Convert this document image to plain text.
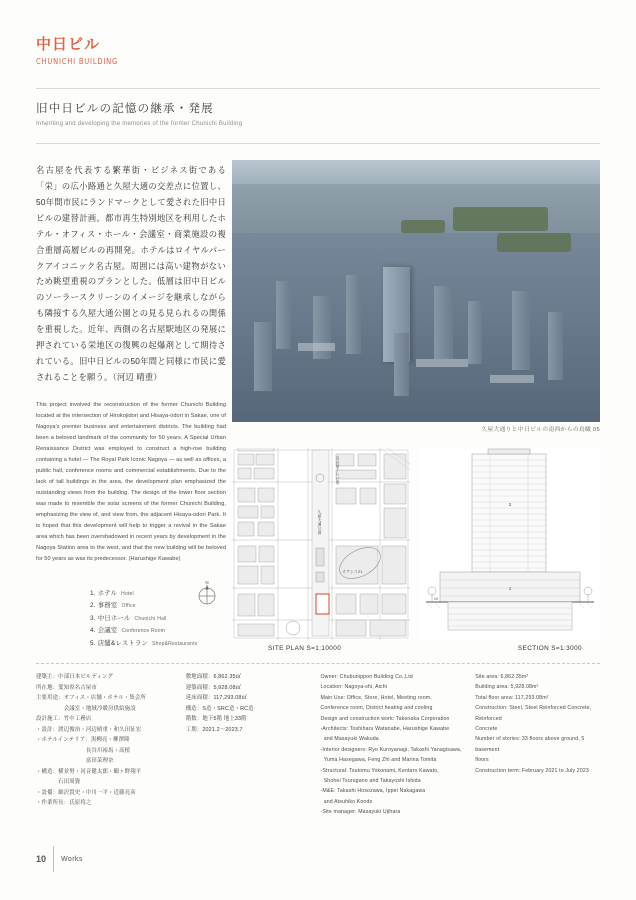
中日ビル
CHUNICHI BUILDING
旧中日ビルの記憶の継承・発展
Inheriting and developing the memories of the former Chunichi Building
名古屋を代表する繁華街・ビジネス街である「栄」の広小路通と久屋大通の交差点に位置し、50年間市民にランドマークとして愛された旧中日ビルの建替計画。都市再生特別地区を利用したホテル・オフィス・ホール・会議室・商業施設の複合重層高層ビルの再開発。ホテルはロイヤルパークアイコニック名古屋。周囲には高い建物がないため眺望重視のプランとした。低層は旧中日ビルのソーラースクリーンのイメージを継承しながらも隣接する久屋大通公園との見る見られるの関係を重視した。近年、西側の名古屋駅地区の発展に押されている栄地区の復興の起爆剤として期待されている。旧中日ビルの50年間と同様に市民に愛されることを願う。（河辺 晴重）
This project involved the reconstruction of the former Chunichi Building located at the intersection of Hirokojidori and Hisaya-odori in Sakae, one of Nagoya's premier business and entertainment districts. The building had been a beloved landmark of the community for 50 years. A Special Urban Renaissance District was employed to construct a high-rise building containing a hotel — The Royal Park Iconic Nagoya — as well as offices, a public hall, conference rooms and commercial establishments. Due to the lack of tall buildings in the area, the development plan emphasized the outstanding views from the building. The design of the lower floor section was made to resemble the solar screens of the former Chunichi Building, emphasizing the view of, and view from, the adjacent Hisaya-odori Park. It is hoped that this development will help to trigger a revival in the Sakae area which has been overshadowed in recent years by development in the Nagoya Station area to the west, and that the new building will be beloved for 50 years as was its predecessor. (Harushige Kawabe)
N
1. ホテル Hotel
2. 事務室 Office
3. 中日ホール Chunichi Hall
4. 会議室 Conference Room
5. 店舗&レストラン Shop&Restaurants
久屋大通りと中日ビルの南西からの鳥瞰 05
名古屋テレビ塔
久屋大通公園
オアシス21
2
1
±0
SITE PLAN S=1:10000	SECTION S=1:3000
建築主：中部日本ビルディング
所在地：愛知県名古屋市
主要用途：オフィス・店舗・ホテル・集会所
　　　　　会議室・地域冷暖房供給施設
設計施工：竹中工務店
・設計：渡辺俊治・河辺晴重・和久田征宏
・ホテルインテリア：黒柳亮・柳澤隆
　　　　　　　　　長谷川裕馬・高植
　　　　　　　　　富田茉理奈
・構造：横並努・河音健太郎・鶴ヶ野翔平
　　　　石田周資
・設備：細沢貴史・中川一平・近藤亮彦
・作業所長：氏原将之
敷地面積：6,862.35㎡
建築面積：5,928.08㎡
延床面積：117,293.08㎡
構造：S造・SRC造・RC造
階数：地下5階 地上33階
工期：2021.2〜2023.7
Owner: Chubunippon Building Co.,Ltd
Location: Nagoya-shi, Aichi
Main Use: Office, Store, Hotel, Meeting room,
Conference room, District heating and cooling
Design and construction work: Takenaka Corporation
-Architects: Toshiharu Watanabe, Harushige Kawabe
and Masayuki Wakuda
-Interior designers: Ryo Kuroyanagi, Takashi Yanagisawa,
Yuma Hasegawa, Feng Zhi and Marina Tomita
-Structural: Tsutomu Yokonami, Kentaro Kawato,
Shohei Tsurugano and Takayoshi Ishida
-M&E: Takashi Hosozawa, Ippei Nakagawa
and Atsuhiko Kondo
-Site manager: Masayuki Ujihara
Site area: 6,862.35m²
Building area: 5,928.08m²
Total floor area: 117,293.08m²
Construction: Steel, Steel Reinforced Concrete, Reinforced
Concrete
Number of stories: 33 floors above ground, 5 basement
floors
Construction term: February 2021 to July 2023
10 Works
